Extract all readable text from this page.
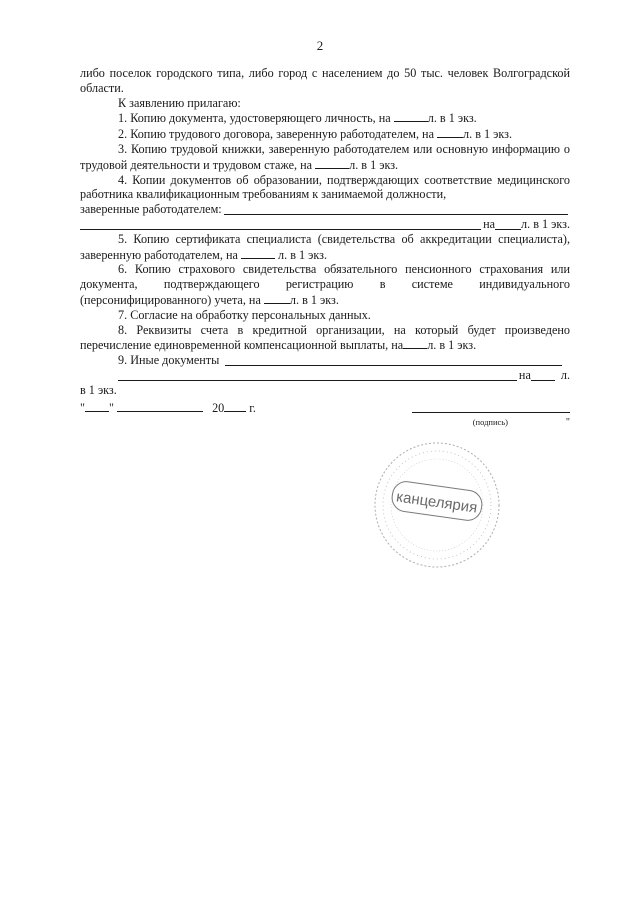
2

либо поселок городского типа, либо город с населением до 50 тыс. человек Волгоградской области.

К заявлению прилагаю:

1. Копию документа, удостоверяющего личность, на	л. в 1 экз.

2. Копию трудового договора, заверенную работодателем, на л. в 1 экз.

3. Копию трудовой книжки, заверенную работодателем или основную информацию о трудовой деятельности и трудовом стаже, на	л. в 1 экз.

4. Копии документов об образовании, подтверждающих соответствие медицинского работника квалификационным требованиям к занимаемой должности,

заверенные работодателем:
на л. в 1 экз.

5. Копию сертификата специалиста (свидетельства об аккредитации специалиста), заверенную работодателем, на	л. в 1 экз.

6. Копию страхового свидетельства обязательного пенсионного страхования или документа, подтверждающего регистрацию в системе индивидуального (персонифицированного) учета, на л. в 1 экз.

7. Согласие на обработку персональных данных.

8. Реквизиты счета в кредитной организации, на который будет произведено перечисление единовременной компенсационной выплаты, на л. в 1 экз.

9. Иные документы
на л.

в 1 экз.

" "	20 г.
(подпись)	"
канцелярия
